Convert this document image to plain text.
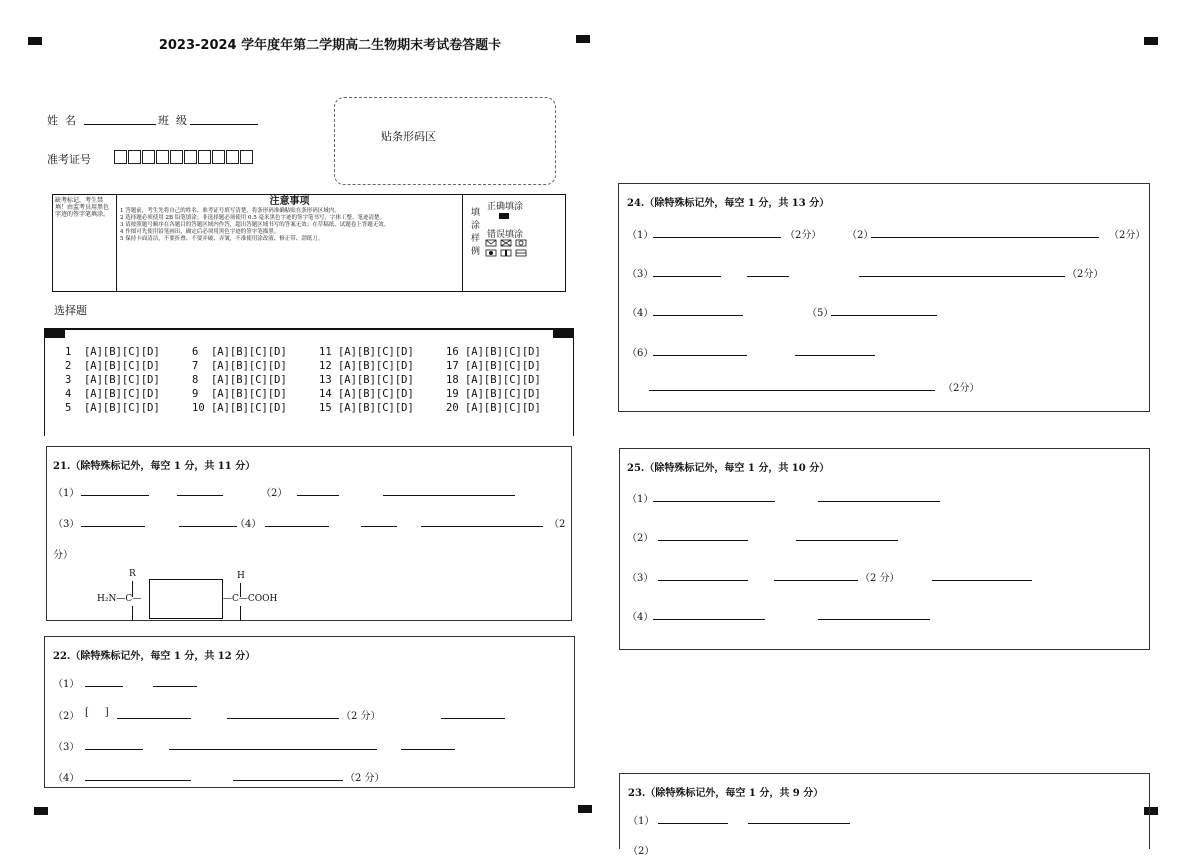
2023-2024 学年度年第二学期高二生物期末考试卷答题卡
姓  名	班  级
准考证号
贴条形码区
缺考标记，考生禁填！由监考员用黑色字迹的签字笔填涂。
注意事项
1 答题前，考生先将自己的姓名、准考证号填写清楚，将条形码准确粘贴在条形码区域内。
2 选择题必须使用 2B 铅笔填涂；非选择题必须使用 0.5 毫米黑色字迹的签字笔书写，字体工整、笔迹清楚。
3 请按照题号顺序在各题目的答题区域内作答，超出答题区域书写的答案无效；在草稿纸、试题卷上答题无效。
4 作图可先使用铅笔画出，确定后必须用黑色字迹的签字笔描黑。
5 保持卡面清洁，不要折叠、不要弄破、弄皱，不准使用涂改液、修正带、刮纸刀。
填涂样例
正确填涂
错误填涂
选择题
1  [A][B][C][D]	6  [A][B][C][D]	11 [A][B][C][D]	16 [A][B][C][D]
2  [A][B][C][D]	7  [A][B][C][D]	12 [A][B][C][D]	17 [A][B][C][D]
3  [A][B][C][D]	8  [A][B][C][D]	13 [A][B][C][D]	18 [A][B][C][D]
4  [A][B][C][D]	9  [A][B][C][D]	14 [A][B][C][D]	19 [A][B][C][D]
5  [A][B][C][D]	10 [A][B][C][D]	15 [A][B][C][D]	20 [A][B][C][D]
21.（除特殊标记外，每空 1 分，共 11 分）
（1）	（2）
（3）	（4）	（2
分）
R	H
H₂N—C—	—C—COOH
22.（除特殊标记外，每空 1 分，共 12 分）
（1）
（2） [     ]	（2 分）
（3）
（4）	（2 分）
24.（除特殊标记外，每空 1 分，共 13 分）
（1）	（2分）	（2）	（2分）
（3）	（2分）
（4）	（5）
（6）
（2分）
25.（除特殊标记外，每空 1 分，共 10 分）
（1）
（2）
（3）	（2 分）
（4）
23.（除特殊标记外，每空 1 分，共 9 分）
（1）
（2）
